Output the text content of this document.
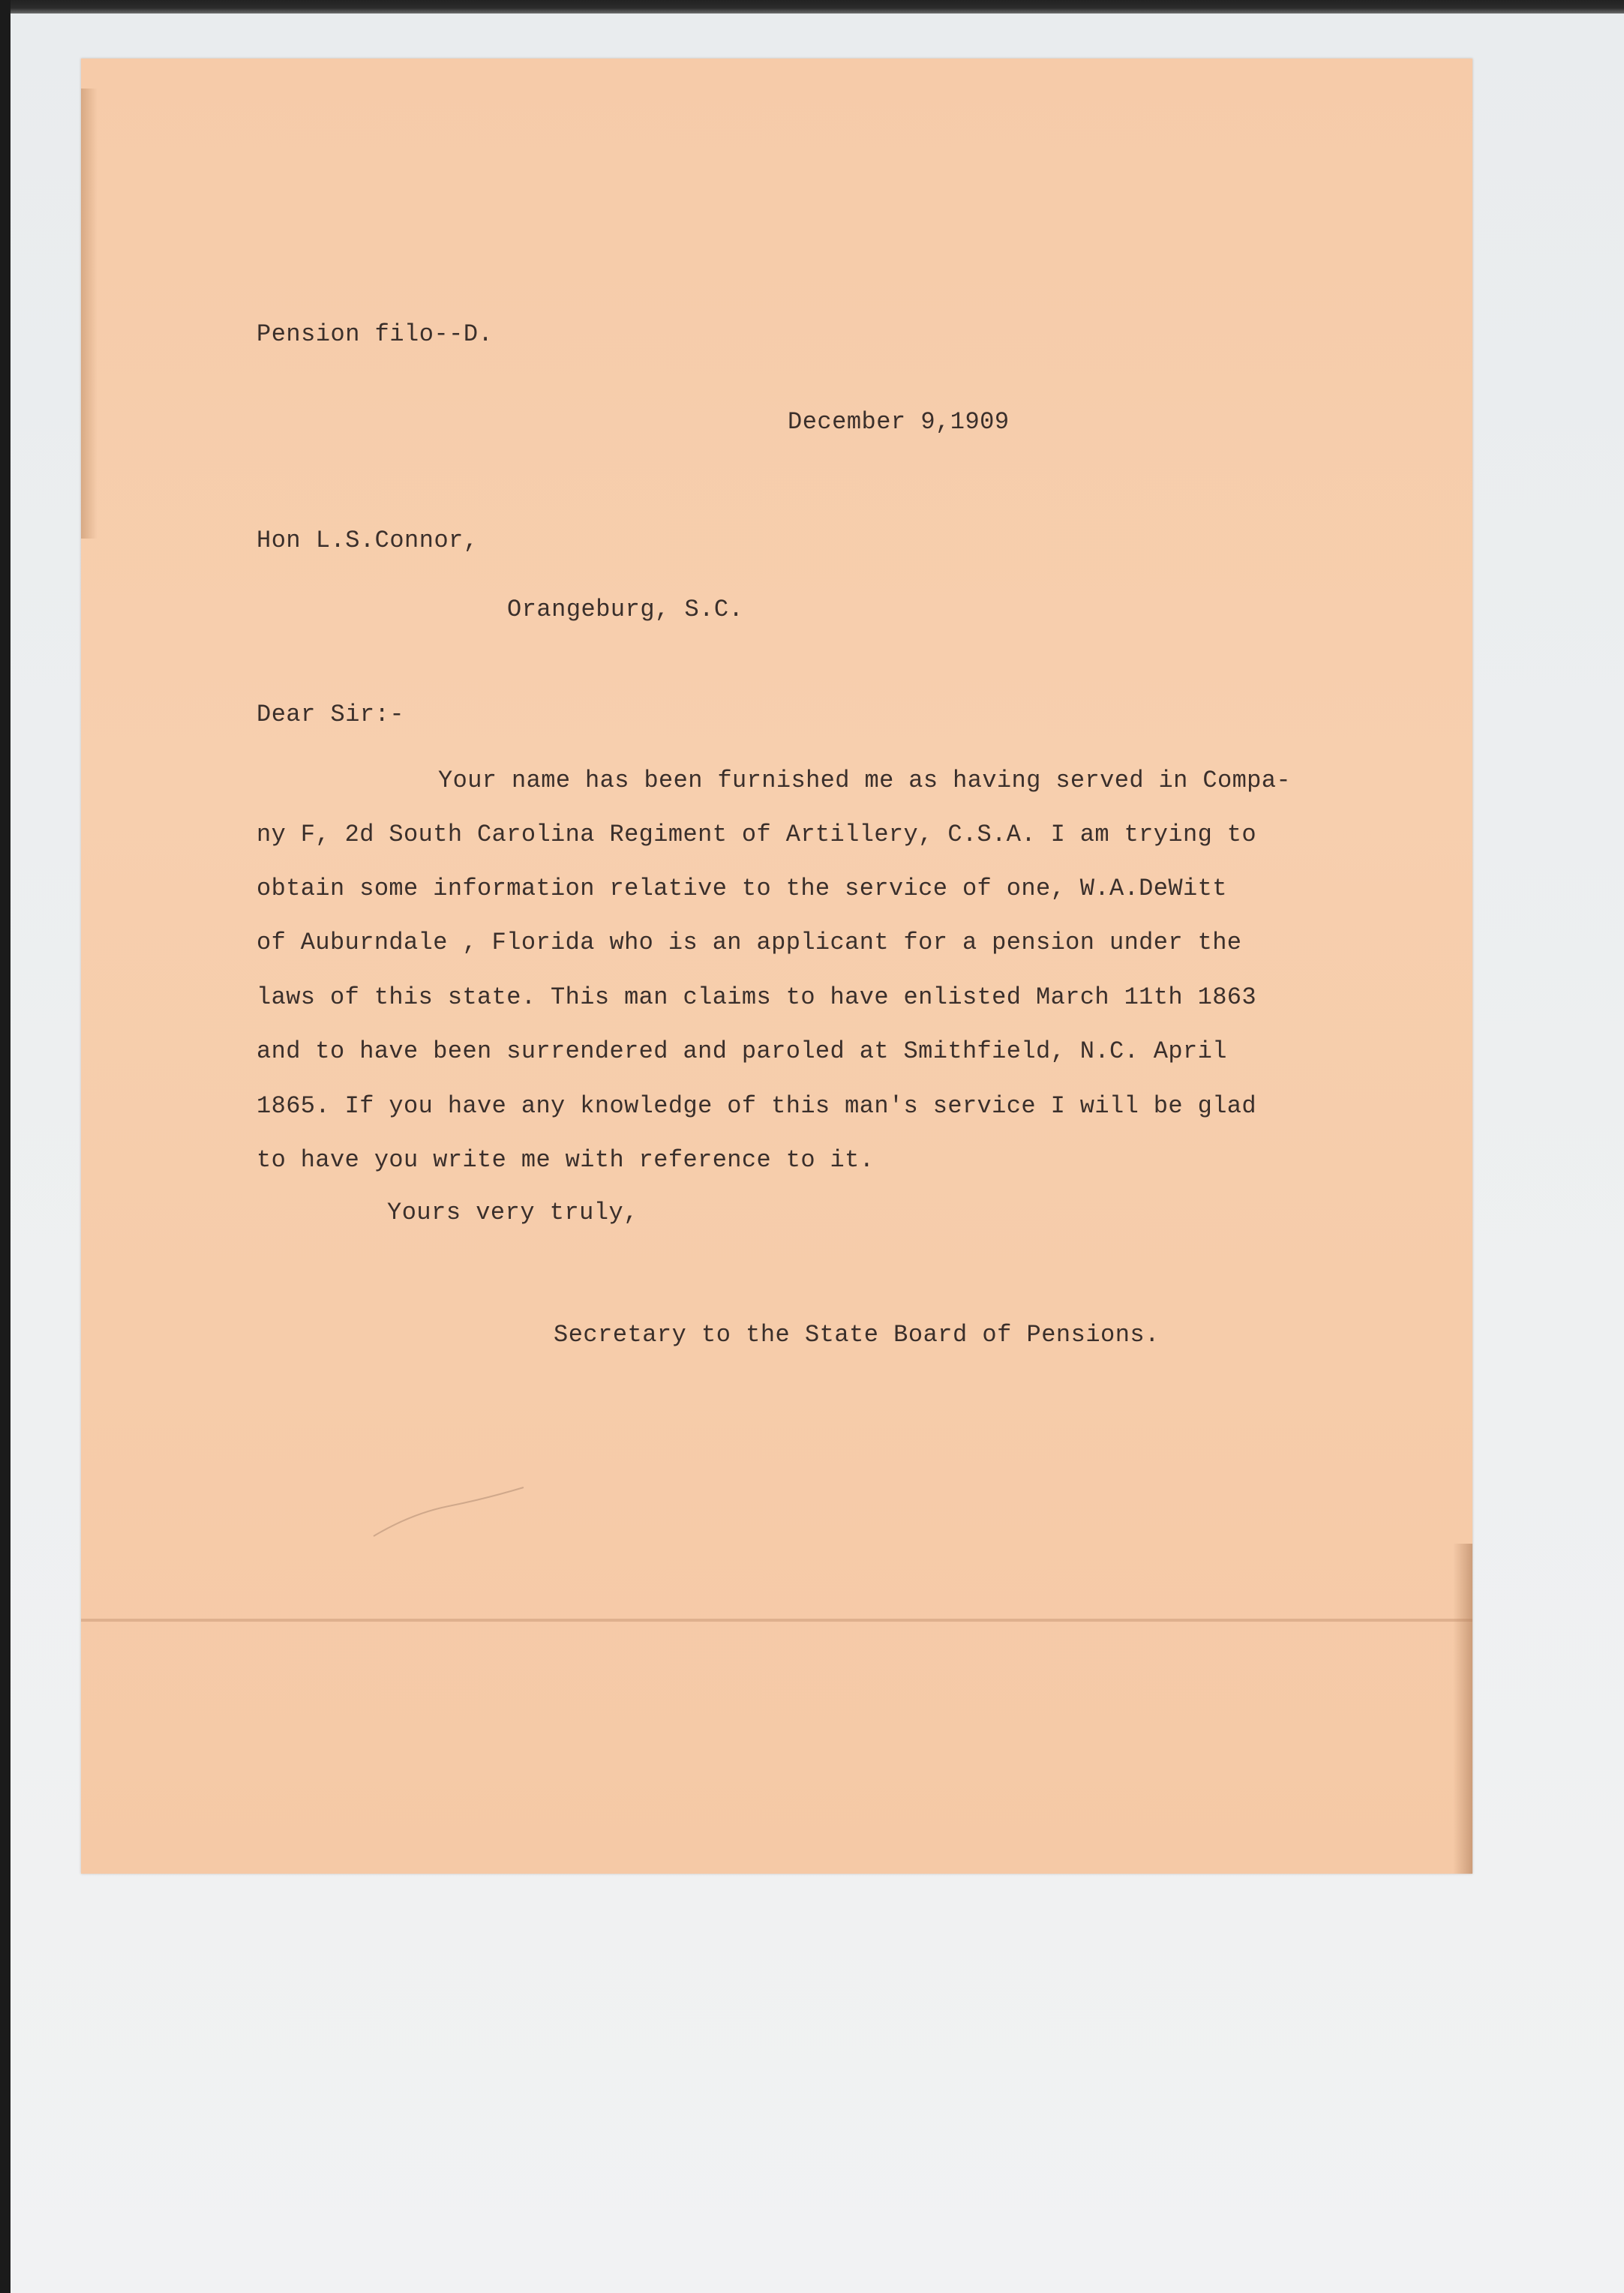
Pension filo--D.
December 9,1909
Hon L.S.Connor,
Orangeburg, S.C.
Dear Sir:-
Your name has been furnished me as having served in Compa-
ny F, 2d South Carolina Regiment of Artillery, C.S.A. I am trying to
obtain some information relative to the service of one, W.A.DeWitt
of Auburndale , Florida who is an applicant for a pension under the
laws of this state. This man claims to have enlisted March 11th 1863
and to have been surrendered and paroled at Smithfield, N.C. April
1865. If you have any knowledge of this man's service I will be glad
to have you write me with reference to it.
Yours very truly,
Secretary to the State Board of Pensions.
